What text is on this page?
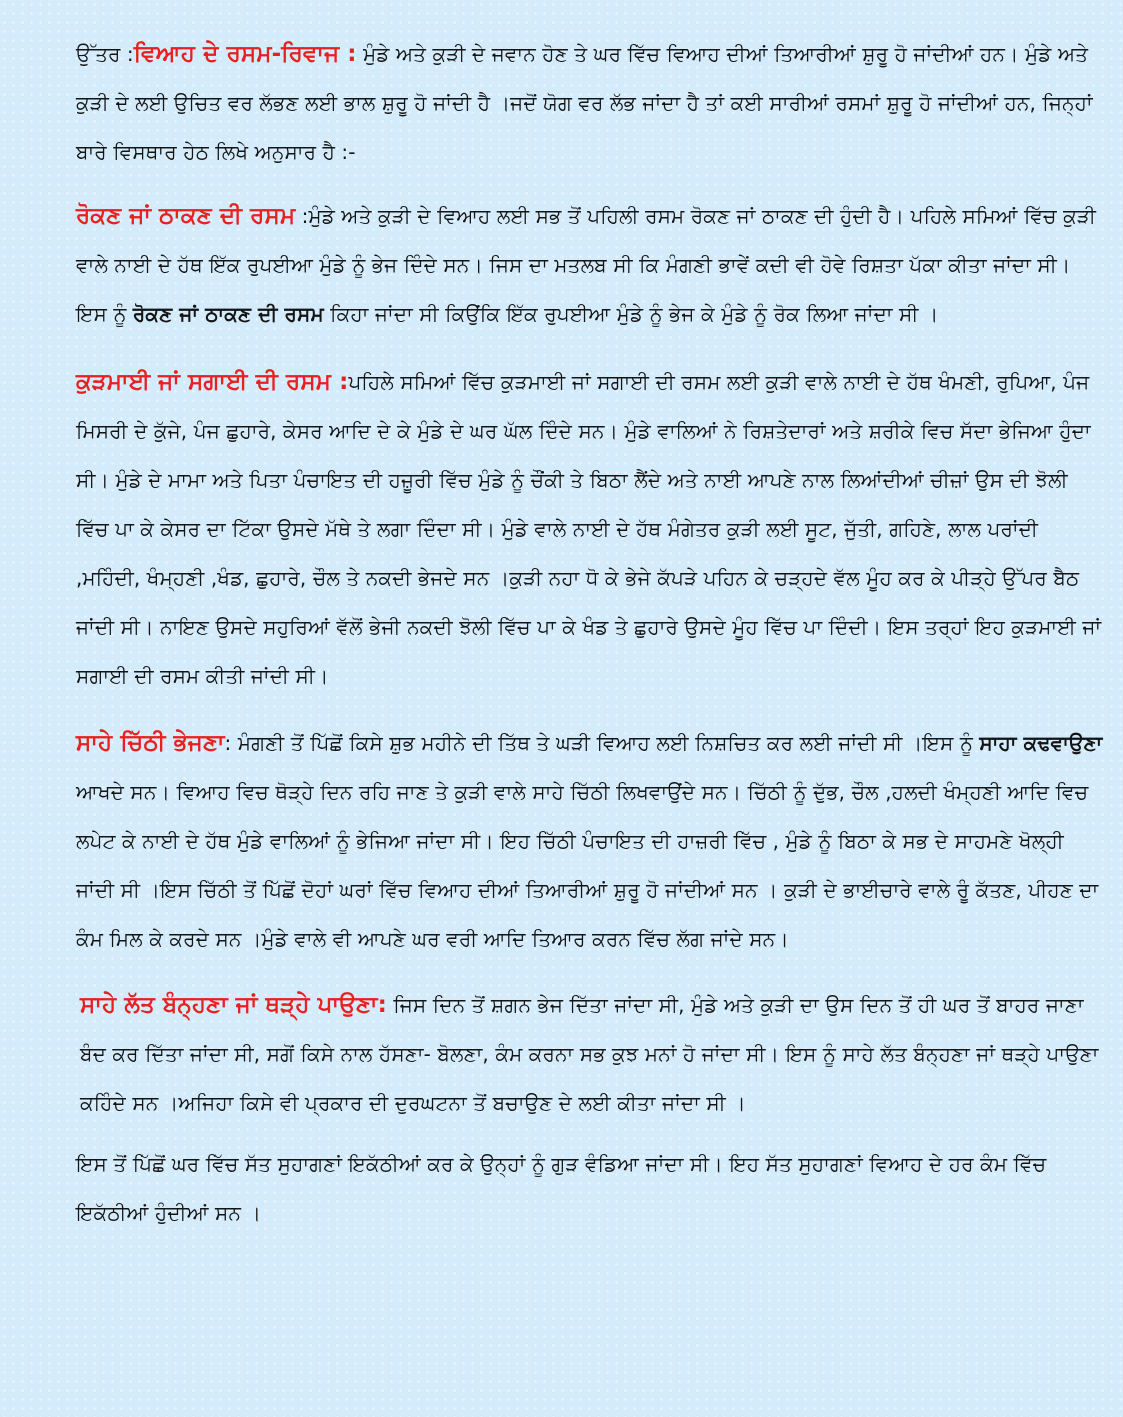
ਉੱਤਰ :ਵਿਆਹ ਦੇ ਰਸਮ-ਰਿਵਾਜ : ਮੁੰਡੇ ਅਤੇ ਕੁੜੀ ਦੇ ਜਵਾਨ ਹੋਣ ਤੇ ਘਰ ਵਿੱਚ ਵਿਆਹ ਦੀਆਂ ਤਿਆਰੀਆਂ ਸ਼ੁਰੂ ਹੋ ਜਾਂਦੀਆਂ ਹਨ। ਮੁੰਡੇ ਅਤੇ ਕੁੜੀ ਦੇ ਲਈ ਉਚਿਤ ਵਰ ਲੱਭਣ ਲਈ ਭਾਲ ਸ਼ੁਰੂ ਹੋ ਜਾਂਦੀ ਹੈ ।ਜਦੋਂ ਯੋਗ ਵਰ ਲੱਭ ਜਾਂਦਾ ਹੈ ਤਾਂ ਕਈ ਸਾਰੀਆਂ ਰਸਮਾਂ ਸ਼ੁਰੂ ਹੋ ਜਾਂਦੀਆਂ ਹਨ, ਜਿਨ੍ਹਾਂ ਬਾਰੇ ਵਿਸਥਾਰ ਹੇਠ ਲਿਖੇ ਅਨੁਸਾਰ ਹੈ :-

ਰੋਕਣ ਜਾਂ ਠਾਕਣ ਦੀ ਰਸਮ :ਮੁੰਡੇ ਅਤੇ ਕੁੜੀ ਦੇ ਵਿਆਹ ਲਈ ਸਭ ਤੋਂ ਪਹਿਲੀ ਰਸਮ ਰੋਕਣ ਜਾਂ ਠਾਕਣ ਦੀ ਹੁੰਦੀ ਹੈ। ਪਹਿਲੇ ਸਮਿਆਂ ਵਿੱਚ ਕੁੜੀ ਵਾਲੇ ਨਾਈ ਦੇ ਹੱਥ ਇੱਕ ਰੁਪਈਆ ਮੁੰਡੇ ਨੂੰ ਭੇਜ ਦਿੰਦੇ ਸਨ। ਜਿਸ ਦਾ ਮਤਲਬ ਸੀ ਕਿ ਮੰਗਣੀ ਭਾਵੇਂ ਕਦੀ ਵੀ ਹੋਵੇ ਰਿਸ਼ਤਾ ਪੱਕਾ ਕੀਤਾ ਜਾਂਦਾ ਸੀ। ਇਸ ਨੂੰ ਰੋਕਣ ਜਾਂ ਠਾਕਣ ਦੀ ਰਸਮ ਕਿਹਾ ਜਾਂਦਾ ਸੀ ਕਿਉਂਕਿ ਇੱਕ ਰੁਪਈਆ ਮੁੰਡੇ ਨੂੰ ਭੇਜ ਕੇ ਮੁੰਡੇ ਨੂੰ ਰੋਕ ਲਿਆ ਜਾਂਦਾ ਸੀ ।

ਕੁੜਮਾਈ ਜਾਂ ਸਗਾਈ ਦੀ ਰਸਮ :ਪਹਿਲੇ ਸਮਿਆਂ ਵਿੱਚ ਕੁੜਮਾਈ ਜਾਂ ਸਗਾਈ ਦੀ ਰਸਮ ਲਈ ਕੁੜੀ ਵਾਲੇ ਨਾਈ ਦੇ ਹੱਥ ਖੰਮਣੀ, ਰੁਪਿਆ, ਪੰਜ ਮਿਸਰੀ ਦੇ ਕੁੱਜੇ, ਪੰਜ ਛੁਹਾਰੇ, ਕੇਸਰ ਆਦਿ ਦੇ ਕੇ ਮੁੰਡੇ ਦੇ ਘਰ ਘੱਲ ਦਿੰਦੇ ਸਨ। ਮੁੰਡੇ ਵਾਲਿਆਂ ਨੇ ਰਿਸ਼ਤੇਦਾਰਾਂ ਅਤੇ ਸ਼ਰੀਕੇ ਵਿਚ ਸੱਦਾ ਭੇਜਿਆ ਹੁੰਦਾ ਸੀ। ਮੁੰਡੇ ਦੇ ਮਾਮਾ ਅਤੇ ਪਿਤਾ ਪੰਚਾਇਤ ਦੀ ਹਜ਼ੂਰੀ ਵਿੱਚ ਮੁੰਡੇ ਨੂੰ ਚੌਂਕੀ ਤੇ ਬਿਠਾ ਲੈਂਦੇ ਅਤੇ ਨਾਈ ਆਪਣੇ ਨਾਲ ਲਿਆਂਦੀਆਂ ਚੀਜ਼ਾਂ ਉਸ ਦੀ ਝੋਲੀ ਵਿੱਚ ਪਾ ਕੇ ਕੇਸਰ ਦਾ ਟਿੱਕਾ ਉਸਦੇ ਮੱਥੇ ਤੇ ਲਗਾ ਦਿੰਦਾ ਸੀ। ਮੁੰਡੇ ਵਾਲੇ ਨਾਈ ਦੇ ਹੱਥ ਮੰਗੇਤਰ ਕੁੜੀ ਲਈ ਸੂਟ, ਜੁੱਤੀ, ਗਹਿਣੇ, ਲਾਲ ਪਰਾਂਦੀ ,ਮਹਿੰਦੀ, ਖੰਮ੍ਹਣੀ ,ਖੰਡ, ਛੁਹਾਰੇ, ਚੌਲ ਤੇ ਨਕਦੀ ਭੇਜਦੇ ਸਨ ।ਕੁੜੀ ਨਹਾ ਧੋ ਕੇ ਭੇਜੇ ਕੱਪੜੇ ਪਹਿਨ ਕੇ ਚੜ੍ਹਦੇ ਵੱਲ ਮੂੰਹ ਕਰ ਕੇ ਪੀੜ੍ਹੇ ਉੱਪਰ ਬੈਠ ਜਾਂਦੀ ਸੀ। ਨਾਇਣ ਉਸਦੇ ਸਹੁਰਿਆਂ ਵੱਲੋਂ ਭੇਜੀ ਨਕਦੀ ਝੋਲੀ ਵਿੱਚ ਪਾ ਕੇ ਖੰਡ ਤੇ ਛੁਹਾਰੇ ਉਸਦੇ ਮੂੰਹ ਵਿੱਚ ਪਾ ਦਿੰਦੀ। ਇਸ ਤਰ੍ਹਾਂ ਇਹ ਕੁੜਮਾਈ ਜਾਂ ਸਗਾਈ ਦੀ ਰਸਮ ਕੀਤੀ ਜਾਂਦੀ ਸੀ।

ਸਾਹੇ ਚਿੱਠੀ ਭੇਜਣਾ: ਮੰਗਣੀ ਤੋਂ ਪਿੱਛੋਂ ਕਿਸੇ ਸ਼ੁਭ ਮਹੀਨੇ ਦੀ ਤਿੱਥ ਤੇ ਘੜੀ ਵਿਆਹ ਲਈ ਨਿਸ਼ਚਿਤ ਕਰ ਲਈ ਜਾਂਦੀ ਸੀ ।ਇਸ ਨੂੰ ਸਾਹਾ ਕਢਵਾਉਣਾ ਆਖਦੇ ਸਨ। ਵਿਆਹ ਵਿਚ ਥੋੜ੍ਹੇ ਦਿਨ ਰਹਿ ਜਾਣ ਤੇ ਕੁੜੀ ਵਾਲੇ ਸਾਹੇ ਚਿੱਠੀ ਲਿਖਵਾਉਂਦੇ ਸਨ। ਚਿੱਠੀ ਨੂੰ ਦੁੱਭ, ਚੌਲ ,ਹਲਦੀ ਖੰਮ੍ਹਣੀ ਆਦਿ ਵਿਚ ਲਪੇਟ ਕੇ ਨਾਈ ਦੇ ਹੱਥ ਮੁੰਡੇ ਵਾਲਿਆਂ ਨੂੰ ਭੇਜਿਆ ਜਾਂਦਾ ਸੀ। ਇਹ ਚਿੱਠੀ ਪੰਚਾਇਤ ਦੀ ਹਾਜ਼ਰੀ ਵਿੱਚ , ਮੁੰਡੇ ਨੂੰ ਬਿਠਾ ਕੇ ਸਭ ਦੇ ਸਾਹਮਣੇ ਖੋਲ੍ਹੀ ਜਾਂਦੀ ਸੀ ।ਇਸ ਚਿੱਠੀ ਤੋਂ ਪਿੱਛੋਂ ਦੋਹਾਂ ਘਰਾਂ ਵਿੱਚ ਵਿਆਹ ਦੀਆਂ ਤਿਆਰੀਆਂ ਸ਼ੁਰੂ ਹੋ ਜਾਂਦੀਆਂ ਸਨ । ਕੁੜੀ ਦੇ ਭਾਈਚਾਰੇ ਵਾਲੇ ਰੂੰ ਕੱਤਣ, ਪੀਹਣ ਦਾ ਕੰਮ ਮਿਲ ਕੇ ਕਰਦੇ ਸਨ ।ਮੁੰਡੇ ਵਾਲੇ ਵੀ ਆਪਣੇ ਘਰ ਵਰੀ ਆਦਿ ਤਿਆਰ ਕਰਨ ਵਿੱਚ ਲੱਗ ਜਾਂਦੇ ਸਨ।

ਸਾਹੇ ਲੱਤ ਬੰਨ੍ਹਣਾ ਜਾਂ ਥੜ੍ਹੇ ਪਾਉਣਾ: ਜਿਸ ਦਿਨ ਤੋਂ ਸ਼ਗਨ ਭੇਜ ਦਿੱਤਾ ਜਾਂਦਾ ਸੀ, ਮੁੰਡੇ ਅਤੇ ਕੁੜੀ ਦਾ ਉਸ ਦਿਨ ਤੋਂ ਹੀ ਘਰ ਤੋਂ ਬਾਹਰ ਜਾਣਾ ਬੰਦ ਕਰ ਦਿੱਤਾ ਜਾਂਦਾ ਸੀ, ਸਗੋਂ ਕਿਸੇ ਨਾਲ ਹੱਸਣਾ- ਬੋਲਣਾ, ਕੰਮ ਕਰਨਾ ਸਭ ਕੁਝ ਮਨਾਂ ਹੋ ਜਾਂਦਾ ਸੀ। ਇਸ ਨੂੰ ਸਾਹੇ ਲੱਤ ਬੰਨ੍ਹਣਾ ਜਾਂ ਥੜ੍ਹੇ ਪਾਉਣਾ ਕਹਿੰਦੇ ਸਨ ।ਅਜਿਹਾ ਕਿਸੇ ਵੀ ਪ੍ਰਕਾਰ ਦੀ ਦੁਰਘਟਨਾ ਤੋਂ ਬਚਾਉਣ ਦੇ ਲਈ ਕੀਤਾ ਜਾਂਦਾ ਸੀ ।

ਇਸ ਤੋਂ ਪਿੱਛੋਂ ਘਰ ਵਿੱਚ ਸੱਤ ਸੁਹਾਗਣਾਂ ਇਕੱਠੀਆਂ ਕਰ ਕੇ ਉਨ੍ਹਾਂ ਨੂੰ ਗੁੜ ਵੰਡਿਆ ਜਾਂਦਾ ਸੀ। ਇਹ ਸੱਤ ਸੁਹਾਗਣਾਂ ਵਿਆਹ ਦੇ ਹਰ ਕੰਮ ਵਿੱਚ ਇਕੱਠੀਆਂ ਹੁੰਦੀਆਂ ਸਨ ।
